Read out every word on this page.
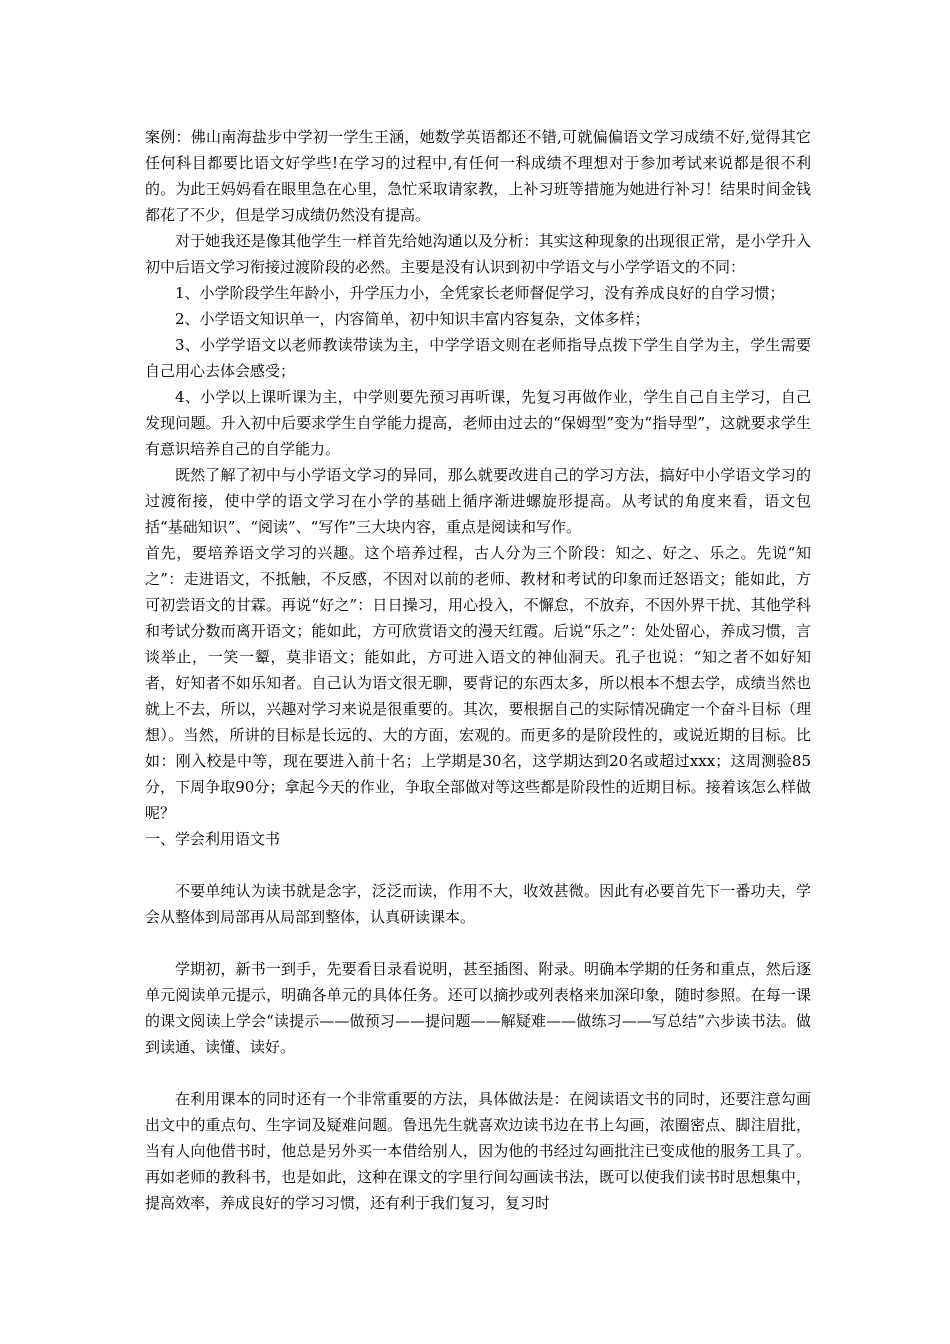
案例：佛山南海盐步中学初一学生王涵，她数学英语都还不错,可就偏偏语文学习成绩不好,觉得其它任何科目都要比语文好学些!在学习的过程中,有任何一科成绩不理想对于参加考试来说都是很不利的。为此王妈妈看在眼里急在心里，急忙采取请家教，上补习班等措施为她进行补习！结果时间金钱都花了不少，但是学习成绩仍然没有提高。

对于她我还是像其他学生一样首先给她沟通以及分析：其实这种现象的出现很正常，是小学升入初中后语文学习衔接过渡阶段的必然。主要是没有认识到初中学语文与小学学语文的不同：

1、小学阶段学生年龄小，升学压力小，全凭家长老师督促学习，没有养成良好的自学习惯；

2、小学语文知识单一，内容简单，初中知识丰富内容复杂，文体多样；

3、小学学语文以老师教读带读为主，中学学语文则在老师指导点拨下学生自学为主，学生需要自己用心去体会感受；

4、小学以上课听课为主，中学则要先预习再听课，先复习再做作业，学生自己自主学习，自己发现问题。升入初中后要求学生自学能力提高，老师由过去的“保姆型”变为“指导型”，这就要求学生有意识培养自己的自学能力。

既然了解了初中与小学语文学习的异同，那么就要改进自己的学习方法，搞好中小学语文学习的过渡衔接，使中学的语文学习在小学的基础上循序渐进螺旋形提高。从考试的角度来看，语文包括“基础知识”、“阅读”、“写作”三大块内容，重点是阅读和写作。

首先，要培养语文学习的兴趣。这个培养过程，古人分为三个阶段：知之、好之、乐之。先说“知之”：走进语文，不抵触，不反感，不因对以前的老师、教材和考试的印象而迁怒语文；能如此，方可初尝语文的甘霖。再说“好之”：日日操习，用心投入，不懈怠，不放弃，不因外界干扰、其他学科和考试分数而离开语文；能如此，方可欣赏语文的漫天红霞。后说“乐之”：处处留心，养成习惯，言谈举止，一笑一颦，莫非语文；能如此，方可进入语文的神仙洞天。孔子也说：“知之者不如好知者，好知者不如乐知者。自己认为语文很无聊，要背记的东西太多，所以根本不想去学，成绩当然也就上不去，所以，兴趣对学习来说是很重要的。其次，要根据自己的实际情况确定一个奋斗目标（理想）。当然，所讲的目标是长远的、大的方面，宏观的。而更多的是阶段性的，或说近期的目标。比如：刚入校是中等，现在要进入前十名；上学期是30名，这学期达到20名或超过xxx；这周测验85分，下周争取90分；拿起今天的作业，争取全部做对等这些都是阶段性的近期目标。接着该怎么样做呢？

一、学会利用语文书

不要单纯认为读书就是念字，泛泛而读，作用不大，收效甚微。因此有必要首先下一番功夫，学会从整体到局部再从局部到整体，认真研读课本。

学期初，新书一到手，先要看目录看说明，甚至插图、附录。明确本学期的任务和重点，然后逐单元阅读单元提示，明确各单元的具体任务。还可以摘抄或列表格来加深印象，随时参照。在每一课的课文阅读上学会“读提示——做预习——提问题——解疑难——做练习——写总结”六步读书法。做到读通、读懂、读好。

在利用课本的同时还有一个非常重要的方法，具体做法是：在阅读语文书的同时，还要注意勾画出文中的重点句、生字词及疑难问题。鲁迅先生就喜欢边读书边在书上勾画，浓圈密点、脚注眉批，当有人向他借书时，他总是另外买一本借给别人，因为他的书经过勾画批注已变成他的服务工具了。再如老师的教科书，也是如此，这种在课文的字里行间勾画读书法，既可以使我们读书时思想集中，提高效率，养成良好的学习习惯，还有利于我们复习，复习时
